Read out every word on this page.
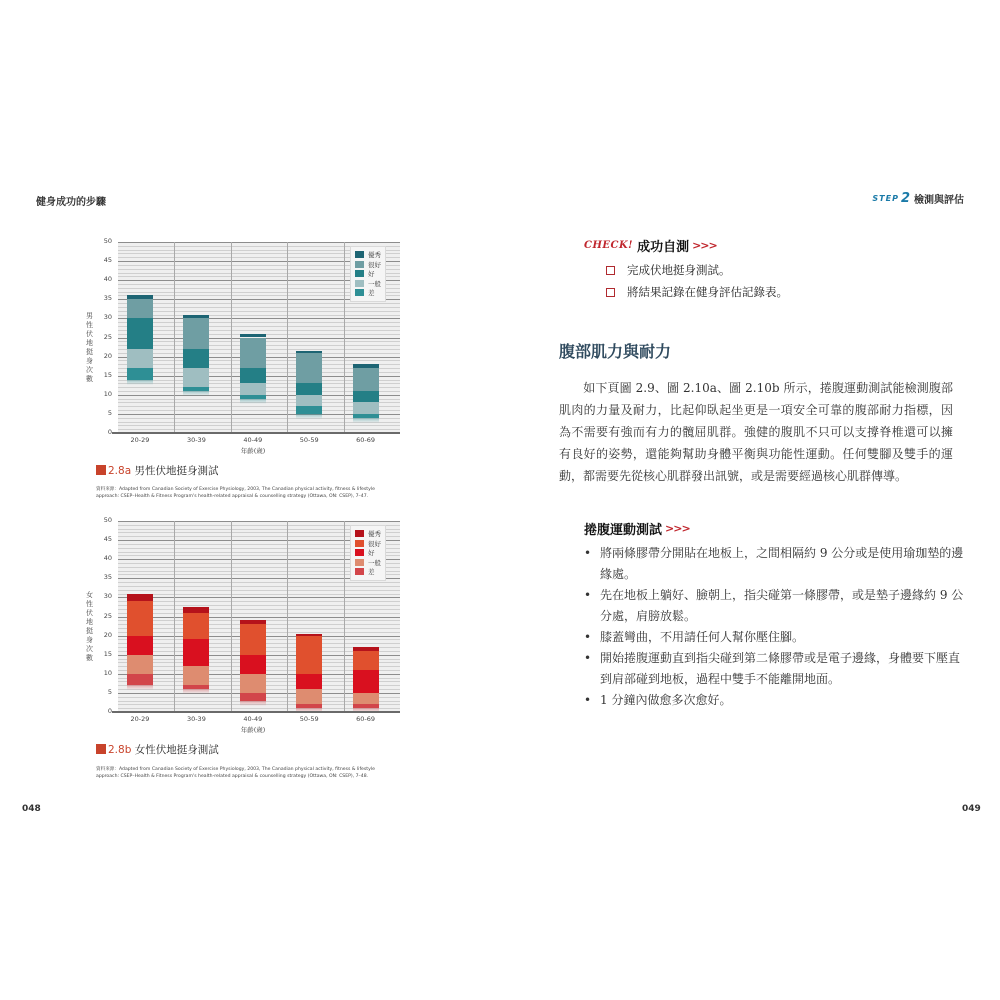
健身成功的步驟
0
5
10
15
20
25
30
35
40
45
50
20-29	30-39	40-49	50-59	60-69
年齡(歲)
男性伏地挺身次數
優秀
很好
好
一般
差
2.8a 男性伏地挺身測試
資料來源：Adapted from Canadian Society of Exercise Physiology, 2003, The Canadian physical activity, fitness & lifestyle
approach: CSEP–Health & Fitness Program's health-related appraisal & counselling strategy (Ottawa, ON: CSEP), 7–47.
0
5
10
15
20
25
30
35
40
45
50
20-29	30-39	40-49	50-59	60-69
年齡(歲)
女性伏地挺身次數
優秀
很好
好
一般
差
2.8b 女性伏地挺身測試
資料來源：Adapted from Canadian Society of Exercise Physiology, 2003, The Canadian physical activity, fitness & lifestyle
approach: CSEP–Health & Fitness Program's health-related appraisal & counselling strategy (Ottawa, ON: CSEP), 7–48.
048
STEP 2 檢測與評估
CHECK! 成功自測 >>>
完成伏地挺身測試。
將結果記錄在健身評估記錄表。
腹部肌力與耐力
　　如下頁圖 2.9、圖 2.10a、圖 2.10b 所示，捲腹運動測試能檢測腹部肌肉的力量及耐力，比起仰臥起坐更是一項安全可靠的腹部耐力指標，因為不需要有強而有力的髖屈肌群。強健的腹肌不只可以支撐脊椎還可以擁有良好的姿勢，還能夠幫助身體平衡與功能性運動。任何雙腳及雙手的運動，都需要先從核心肌群發出訊號，或是需要經過核心肌群傳導。
捲腹運動測試 >>>
• 將兩條膠帶分開貼在地板上，之間相隔約 9 公分或是使用瑜珈墊的邊緣處。
• 先在地板上躺好、臉朝上，指尖碰第一條膠帶，或是墊子邊緣約 9 公分處，肩膀放鬆。
• 膝蓋彎曲，不用請任何人幫你壓住腳。
• 開始捲腹運動直到指尖碰到第二條膠帶或是電子邊緣，身體要下壓直到肩部碰到地板，過程中雙手不能離開地面。
• 1 分鐘內做愈多次愈好。
049
